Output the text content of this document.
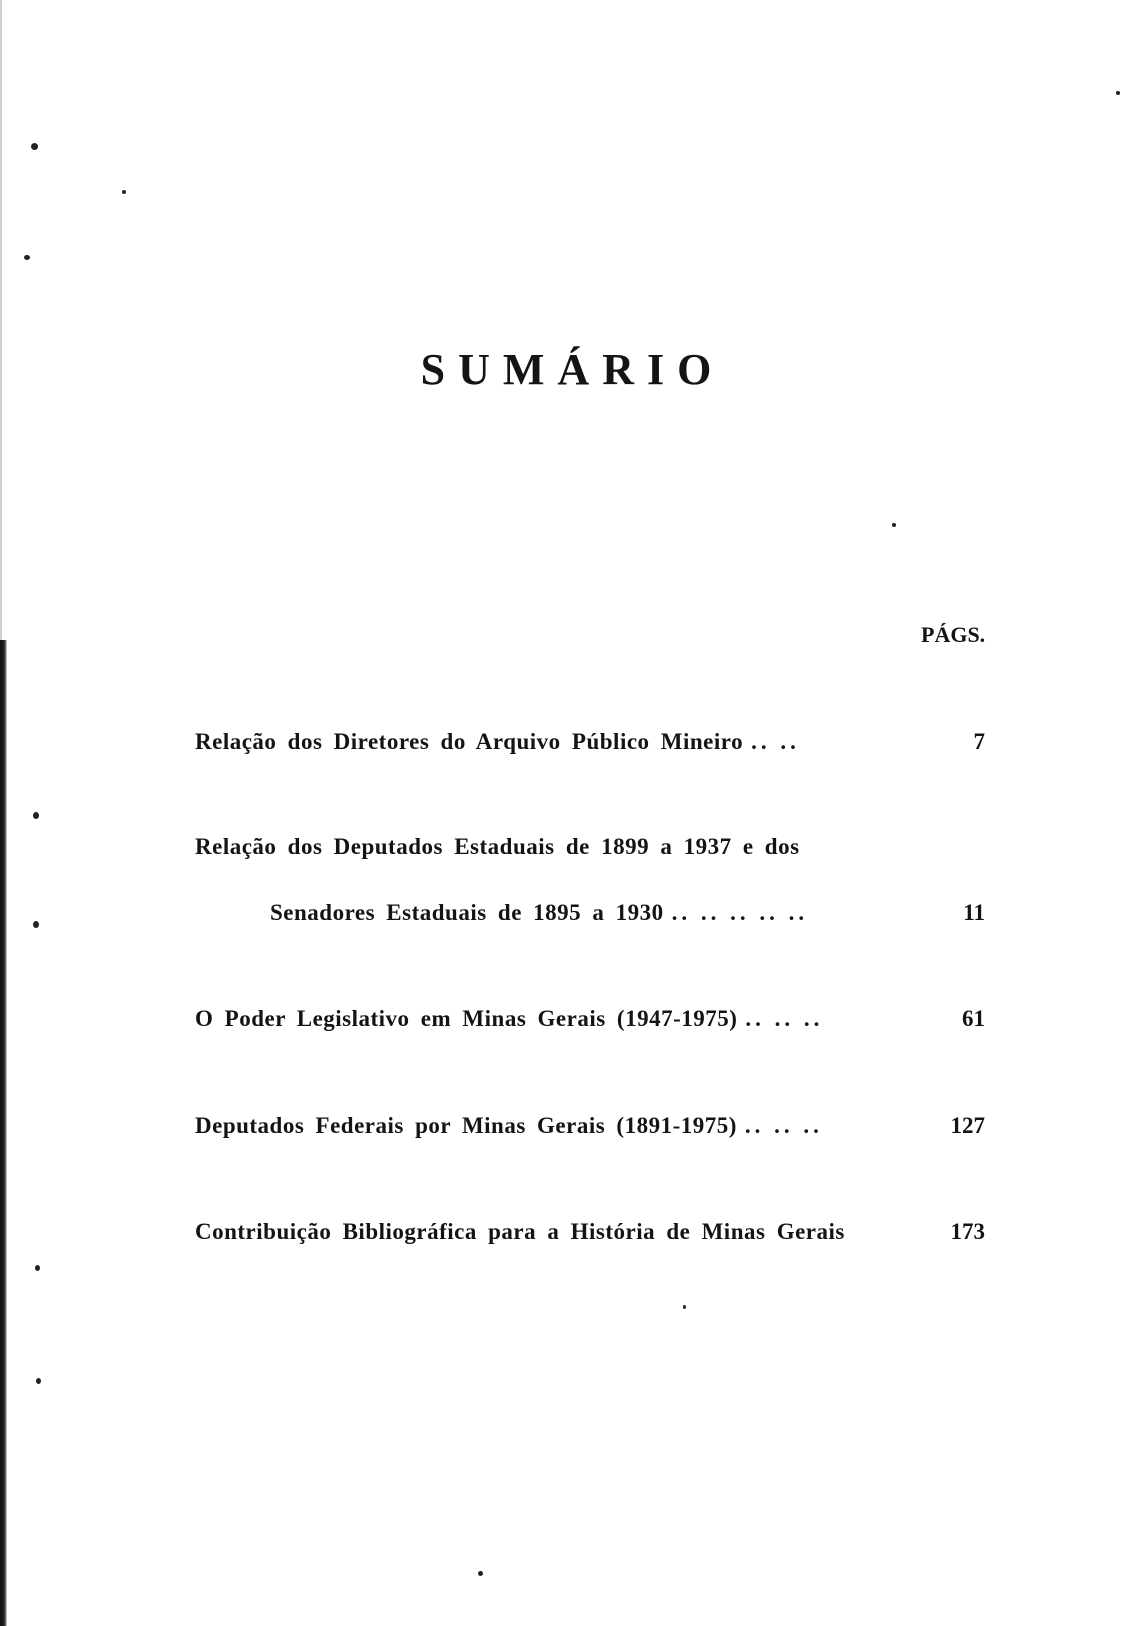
SUMÁRIO
PÁGS.
Relação dos Diretores do Arquivo Público Mineiro .. ..	7
Relação dos Deputados Estaduais de 1899 a 1937 e dos
Senadores Estaduais de 1895 a 1930 .. .. .. .. ..	11
O Poder Legislativo em Minas Gerais (1947-1975) .. .. ..	61
Deputados Federais por Minas Gerais (1891-1975) .. .. ..	127
Contribuição Bibliográfica para a História de Minas Gerais	173
